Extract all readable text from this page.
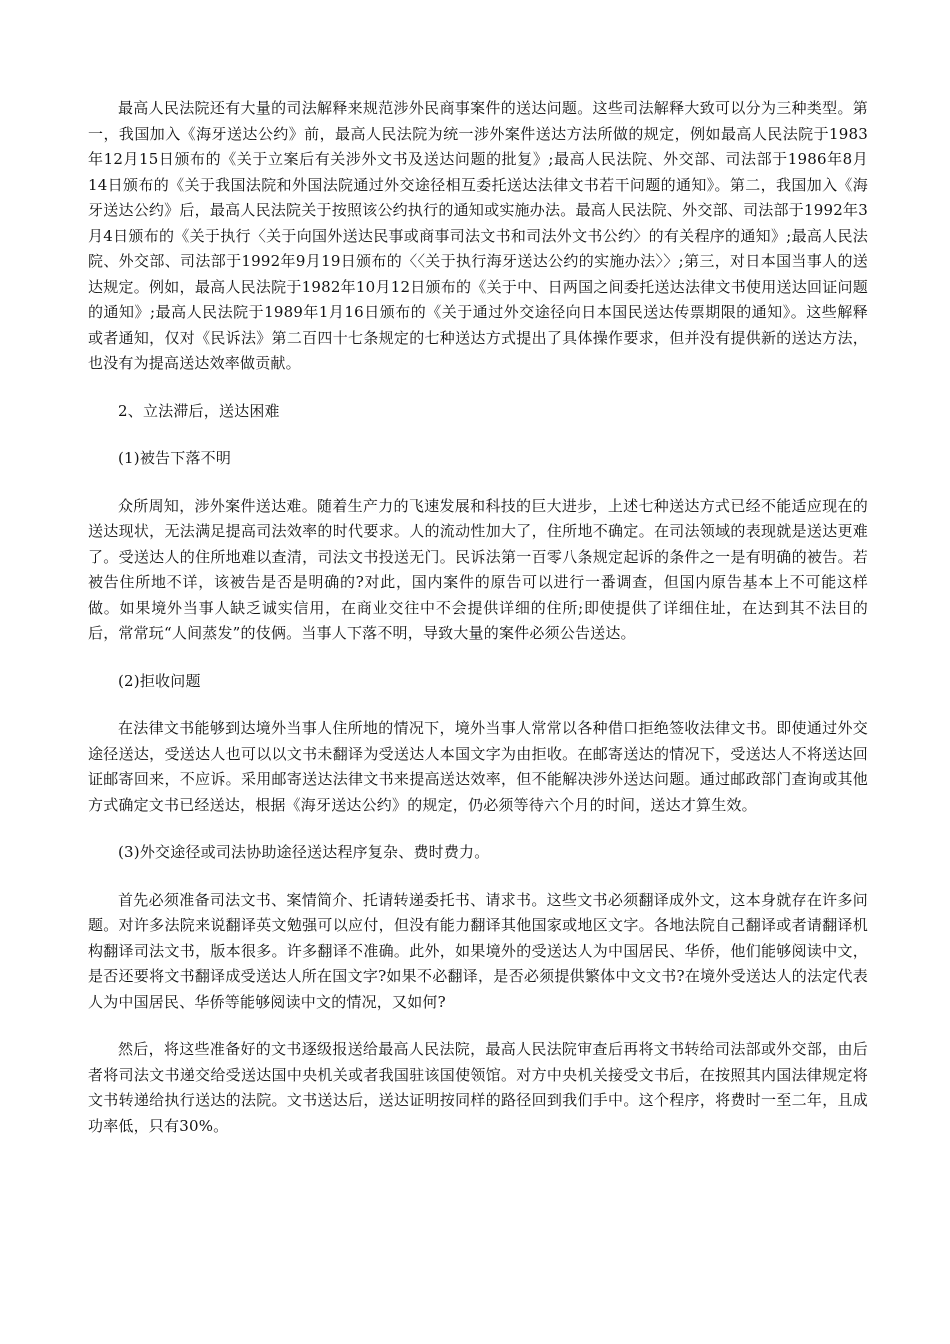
最高人民法院还有大量的司法解释来规范涉外民商事案件的送达问题。这些司法解释大致可以分为三种类型。第一，我国加入《海牙送达公约》前，最高人民法院为统一涉外案件送达方法所做的规定，例如最高人民法院于1983年12月15日颁布的《关于立案后有关涉外文书及送达问题的批复》;最高人民法院、外交部、司法部于1986年8月14日颁布的《关于我国法院和外国法院通过外交途径相互委托送达法律文书若干问题的通知》。第二，我国加入《海牙送达公约》后，最高人民法院关于按照该公约执行的通知或实施办法。最高人民法院、外交部、司法部于1992年3月4日颁布的《关于执行〈关于向国外送达民事或商事司法文书和司法外文书公约〉的有关程序的通知》;最高人民法院、外交部、司法部于1992年9月19日颁布的〈〈关于执行海牙送达公约的实施办法〉〉;第三，对日本国当事人的送达规定。例如，最高人民法院于1982年10月12日颁布的《关于中、日两国之间委托送达法律文书使用送达回证问题的通知》;最高人民法院于1989年1月16日颁布的《关于通过外交途径向日本国民送达传票期限的通知》。这些解释或者通知，仅对《民诉法》第二百四十七条规定的七种送达方式提出了具体操作要求，但并没有提供新的送达方法，也没有为提高送达效率做贡献。

2、立法滞后，送达困难

(1)被告下落不明

众所周知，涉外案件送达难。随着生产力的飞速发展和科技的巨大进步，上述七种送达方式已经不能适应现在的送达现状，无法满足提高司法效率的时代要求。人的流动性加大了，住所地不确定。在司法领域的表现就是送达更难了。受送达人的住所地难以查清，司法文书投送无门。民诉法第一百零八条规定起诉的条件之一是有明确的被告。若被告住所地不详，该被告是否是明确的?对此，国内案件的原告可以进行一番调查，但国内原告基本上不可能这样做。如果境外当事人缺乏诚实信用，在商业交往中不会提供详细的住所;即使提供了详细住址，在达到其不法目的后，常常玩“人间蒸发”的伎俩。当事人下落不明，导致大量的案件必须公告送达。

(2)拒收问题

在法律文书能够到达境外当事人住所地的情况下，境外当事人常常以各种借口拒绝签收法律文书。即使通过外交途径送达，受送达人也可以以文书未翻译为受送达人本国文字为由拒收。在邮寄送达的情况下，受送达人不将送达回证邮寄回来，不应诉。采用邮寄送达法律文书来提高送达效率，但不能解决涉外送达问题。通过邮政部门查询或其他方式确定文书已经送达，根据《海牙送达公约》的规定，仍必须等待六个月的时间，送达才算生效。

(3)外交途径或司法协助途径送达程序复杂、费时费力。

首先必须准备司法文书、案情简介、托请转递委托书、请求书。这些文书必须翻译成外文，这本身就存在许多问题。对许多法院来说翻译英文勉强可以应付，但没有能力翻译其他国家或地区文字。各地法院自己翻译或者请翻译机构翻译司法文书，版本很多。许多翻译不准确。此外，如果境外的受送达人为中国居民、华侨，他们能够阅读中文，是否还要将文书翻译成受送达人所在国文字?如果不必翻译，是否必须提供繁体中文文书?在境外受送达人的法定代表人为中国居民、华侨等能够阅读中文的情况，又如何?

然后，将这些准备好的文书逐级报送给最高人民法院，最高人民法院审查后再将文书转给司法部或外交部，由后者将司法文书递交给受送达国中央机关或者我国驻该国使领馆。对方中央机关接受文书后，在按照其内国法律规定将文书转递给执行送达的法院。文书送达后，送达证明按同样的路径回到我们手中。这个程序，将费时一至二年，且成功率低，只有30%。
